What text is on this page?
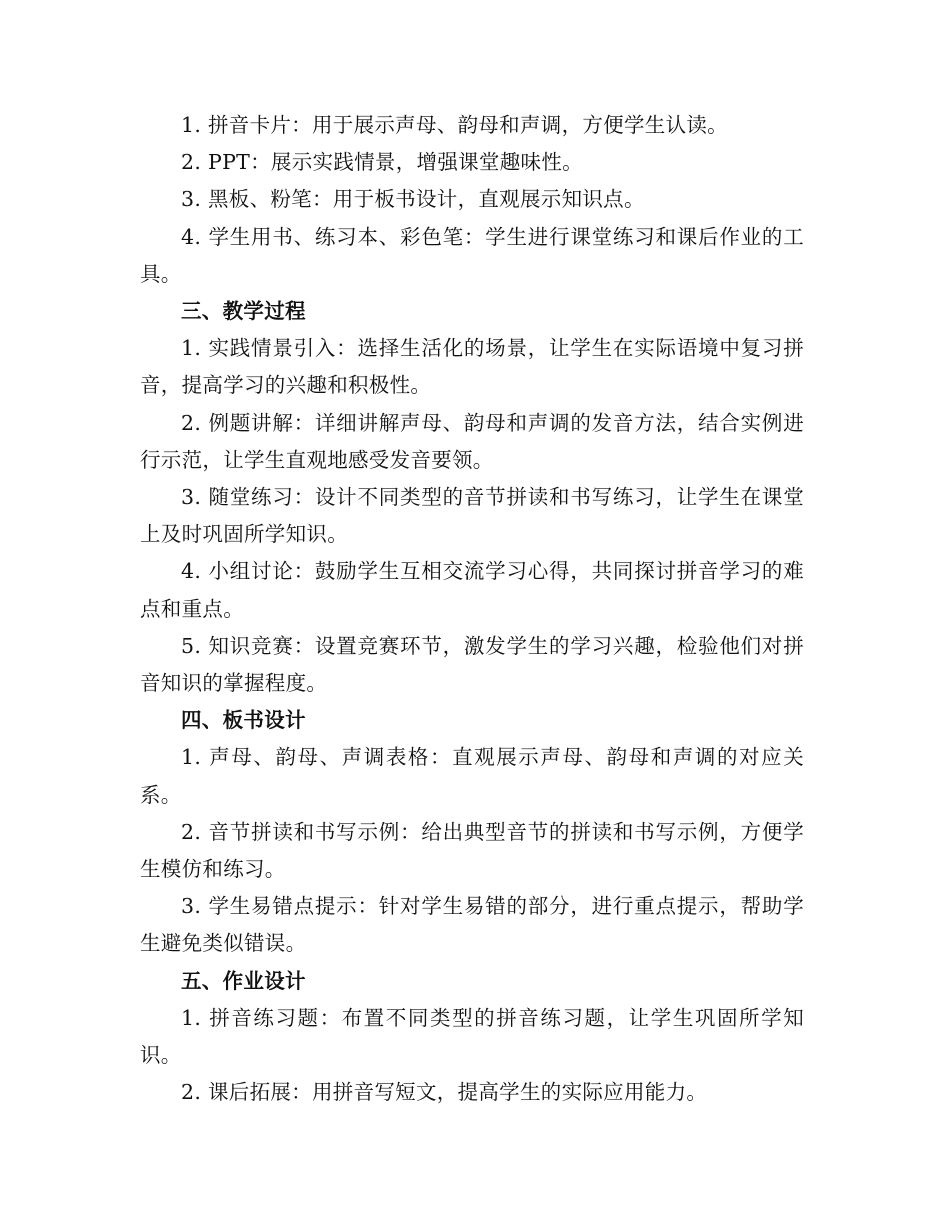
1. 拼音卡片：用于展示声母、韵母和声调，方便学生认读。

2. PPT：展示实践情景，增强课堂趣味性。

3. 黑板、粉笔：用于板书设计，直观展示知识点。

4. 学生用书、练习本、彩色笔：学生进行课堂练习和课后作业的工具。

三、教学过程

1. 实践情景引入：选择生活化的场景，让学生在实际语境中复习拼音，提高学习的兴趣和积极性。

2. 例题讲解：详细讲解声母、韵母和声调的发音方法，结合实例进行示范，让学生直观地感受发音要领。

3. 随堂练习：设计不同类型的音节拼读和书写练习，让学生在课堂上及时巩固所学知识。

4. 小组讨论：鼓励学生互相交流学习心得，共同探讨拼音学习的难点和重点。

5. 知识竞赛：设置竞赛环节，激发学生的学习兴趣，检验他们对拼音知识的掌握程度。

四、板书设计

1. 声母、韵母、声调表格：直观展示声母、韵母和声调的对应关系。

2. 音节拼读和书写示例：给出典型音节的拼读和书写示例，方便学生模仿和练习。

3. 学生易错点提示：针对学生易错的部分，进行重点提示，帮助学生避免类似错误。

五、作业设计

1. 拼音练习题：布置不同类型的拼音练习题，让学生巩固所学知识。

2. 课后拓展：用拼音写短文，提高学生的实际应用能力。
